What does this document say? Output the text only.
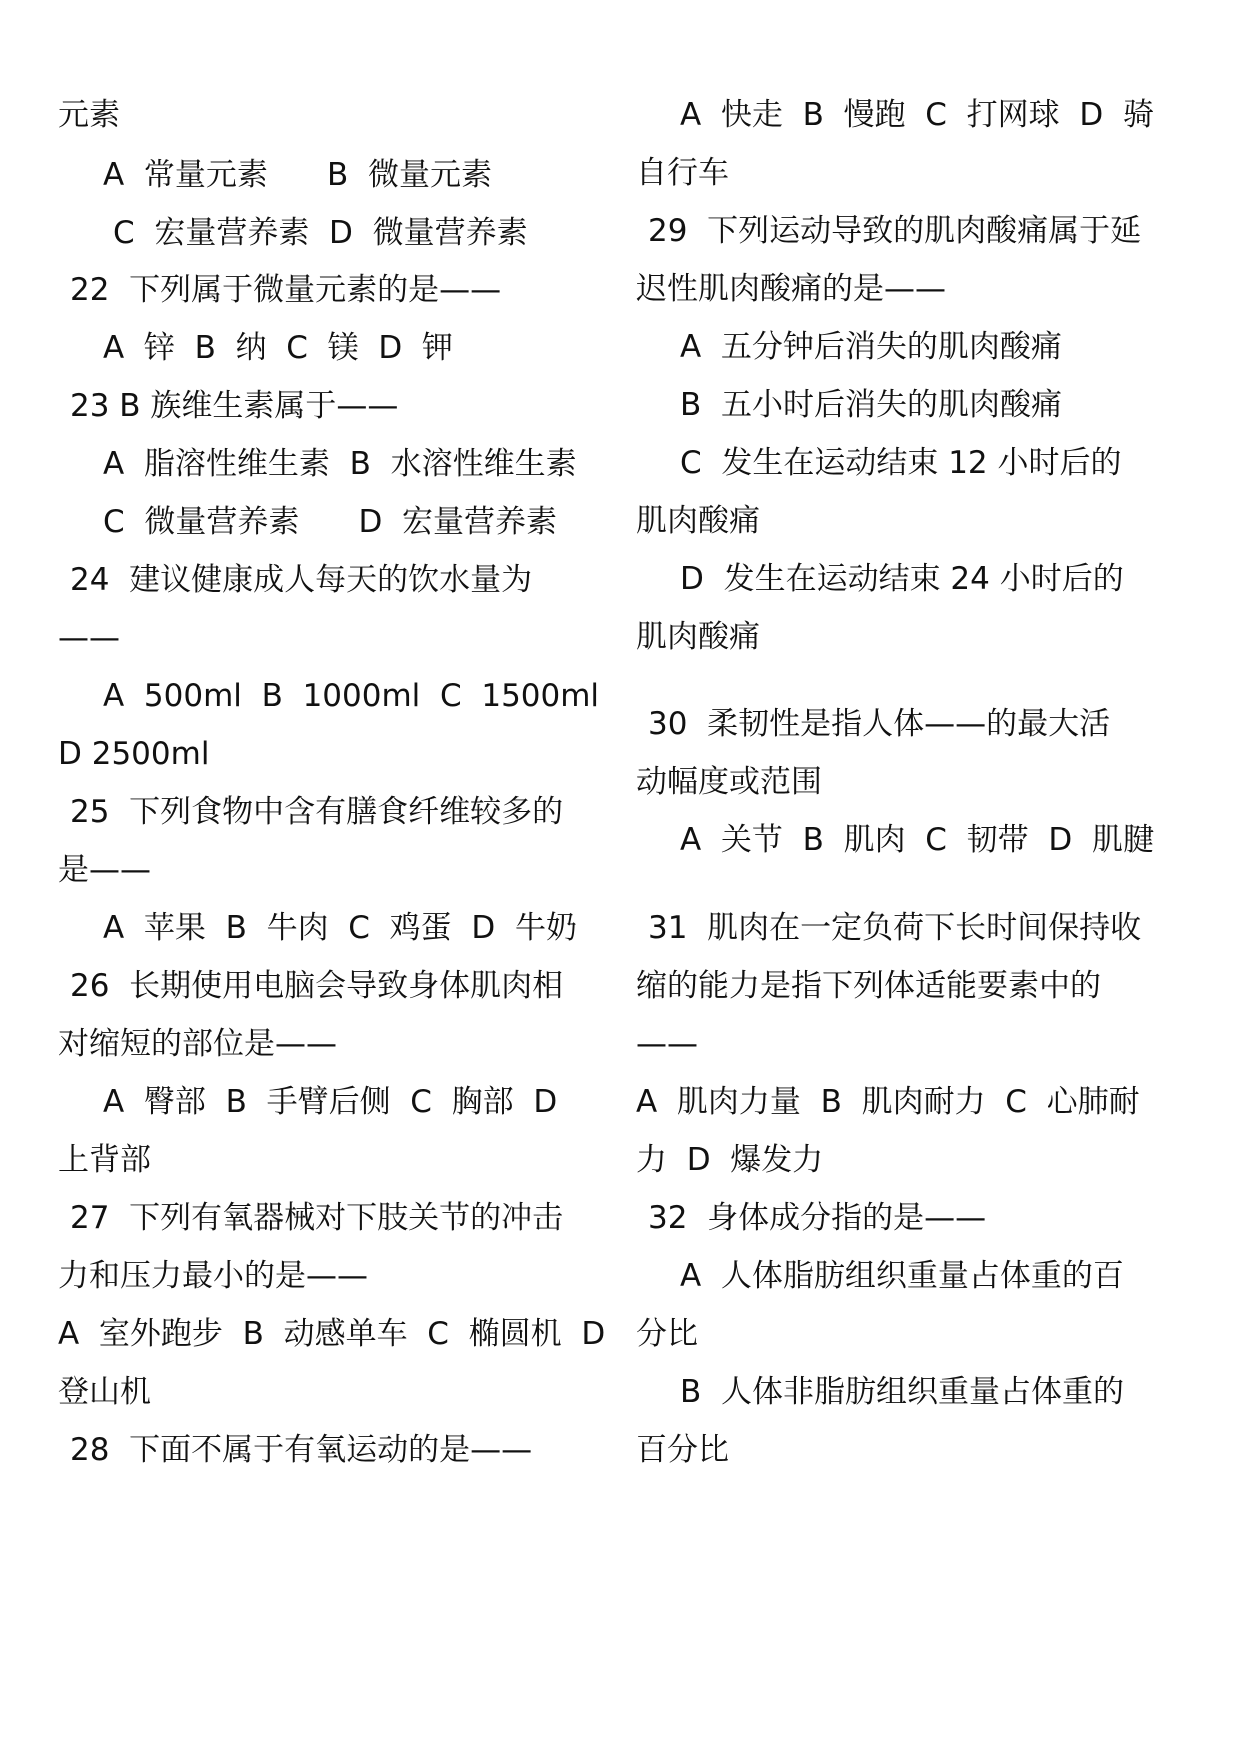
元素
A  常量元素      B  微量元素
C  宏量营养素  D  微量营养素
22  下列属于微量元素的是——
A  锌  B  纳  C  镁  D  钾
23 B 族维生素属于——
A  脂溶性维生素  B  水溶性维生素
C  微量营养素      D  宏量营养素
24  建议健康成人每天的饮水量为
——
A  500ml  B  1000ml  C  1500ml
D 2500ml
25  下列食物中含有膳食纤维较多的
是——
A  苹果  B  牛肉  C  鸡蛋  D  牛奶
26  长期使用电脑会导致身体肌肉相
对缩短的部位是——
A  臀部  B  手臂后侧  C  胸部  D
上背部
27  下列有氧器械对下肢关节的冲击
力和压力最小的是——
A  室外跑步  B  动感单车  C  椭圆机  D
登山机
28  下面不属于有氧运动的是——
A  快走  B  慢跑  C  打网球  D  骑
自行车
29  下列运动导致的肌肉酸痛属于延
迟性肌肉酸痛的是——
A  五分钟后消失的肌肉酸痛
B  五小时后消失的肌肉酸痛
C  发生在运动结束 12 小时后的
肌肉酸痛
D  发生在运动结束 24 小时后的
肌肉酸痛
30  柔韧性是指人体——的最大活
动幅度或范围
A  关节  B  肌肉  C  韧带  D  肌腱
31  肌肉在一定负荷下长时间保持收
缩的能力是指下列体适能要素中的
——
A  肌肉力量  B  肌肉耐力  C  心肺耐
力  D  爆发力
32  身体成分指的是——
A  人体脂肪组织重量占体重的百
分比
B  人体非脂肪组织重量占体重的
百分比
